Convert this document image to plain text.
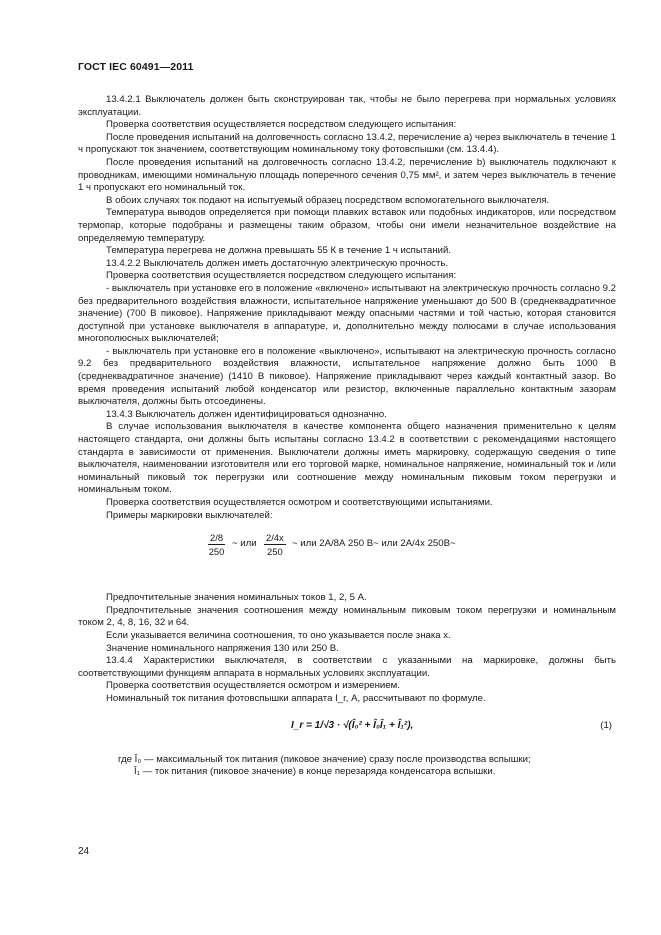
ГОСТ IEC 60491—2011

13.4.2.1 Выключатель должен быть сконструирован так, чтобы не было перегрева при нормальных условиях эксплуатации.

Проверка соответствия осуществляется посредством следующего испытания:

После проведения испытаний на долговечность согласно 13.4.2, перечисление а) через выключатель в течение 1 ч пропускают ток значением, соответствующим номинальному току фотовспышки (см. 13.4.4).

После проведения испытаний на долговечность согласно 13.4.2, перечисление b) выключатель подключают к проводникам, имеющими номинальную площадь поперечного сечения 0,75 мм², и затем через выключатель в течение 1 ч пропускают его номинальный ток.

В обоих случаях ток подают на испытуемый образец посредством вспомогательного выключателя.

Температура выводов определяется при помощи плавких вставок или подобных индикаторов, или посредством термопар, которые подобраны и размещены таким образом, чтобы они имели незначительное воздействие на определяемую температуру.

Температура перегрева не должна превышать 55 К в течение 1 ч испытаний.

13.4.2.2 Выключатель должен иметь достаточную электрическую прочность.

Проверка соответствия осуществляется посредством следующего испытания:

- выключатель при установке его в положение «включено» испытывают на электрическую прочность согласно 9.2 без предварительного воздействия влажности, испытательное напряжение уменьшают до 500 В (среднеквадратичное значение) (700 В пиковое). Напряжение прикладывают между опасными частями и той частью, которая становится доступной при установке выключателя в аппаратуре, и, дополнительно между полюсами в случае использования многополюсных выключателей;

- выключатель при установке его в положение «выключено», испытывают на электрическую прочность согласно 9.2 без предварительного воздействия влажности, испытательное напряжение должно быть 1000 В (среднеквадратичное значение) (1410 В пиковое). Напряжение прикладывают через каждый контактный зазор. Во время проведения испытаний любой конденсатор или резистор, включенные параллельно контактным зазорам выключателя, должны быть отсоединены.

13.4.3 Выключатель должен идентифицироваться однозначно.

В случае использования выключателя в качестве компонента общего назначения применительно к целям настоящего стандарта, они должны быть испытаны согласно 13.4.2 в соответствии с рекомендациями настоящего стандарта в зависимости от применения. Выключатели должны иметь маркировку, содержащую сведения о типе выключателя, наименовании изготовителя или его торговой марке, номинальное напряжение, номинальный ток и /или номинальный пиковый ток перегрузки или соотношение между номинальным пиковым током перегрузки и номинальным током.

Проверка соответствия осуществляется осмотром и соответствующими испытаниями.

Примеры маркировки выключателей:

$\frac{2/8}{250}$ ~ или $\frac{2/4x}{250}$ ~ или 2А/8А 250 В~ или 2А/4x 250В~

Предпочтительные значения номинальных токов 1, 2, 5 А.

Предпочтительные значения соотношения между номинальным пиковым током перегрузки и номинальным током 2, 4, 8, 16, 32 и 64.

Если указывается величина соотношения, то оно указывается после знака x.

Значение номинального напряжения 130 или 250 В.

13.4.4 Характеристики выключателя, в соответствии с указанными на маркировке, должны быть соответствующими функциям аппарата в нормальных условиях эксплуатации.

Проверка соответствия осуществляется осмотром и измерением.

Номинальный ток питания фотовспышки аппарата I_r, А, рассчитывают по формуле.

I_r = 1/√3 · √(Î₀² + Î₀Î₁ + Î₁²),	(1)

где Î₀ — максимальный ток питания (пиковое значение) сразу после производства вспышки;

Î₁ — ток питания (пиковое значение) в конце перезаряда конденсатора вспышки.

24
